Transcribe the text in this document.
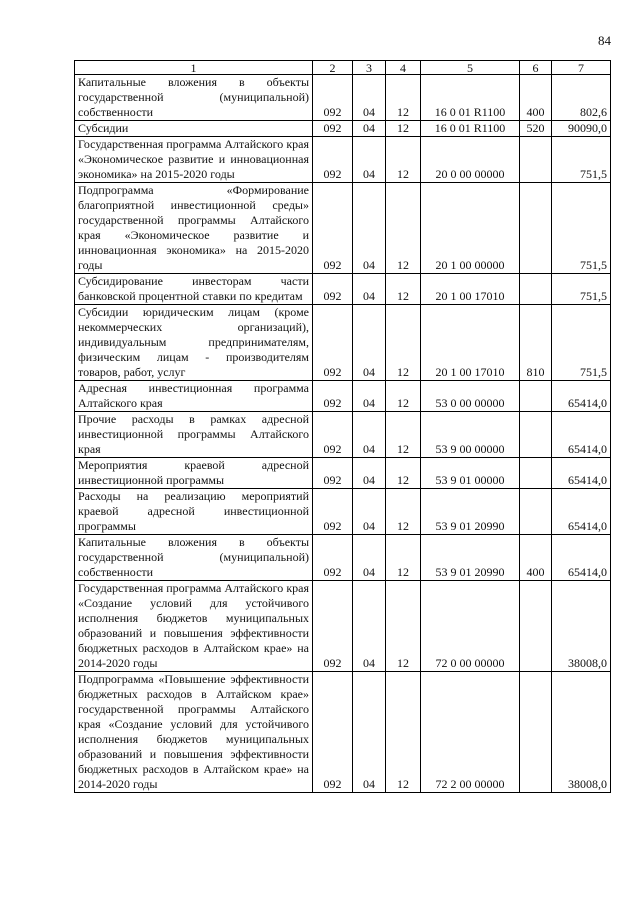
84
1	2	3	4	5	6	7
Капитальные вложения в объекты государственной (муниципальной) собственности	092	04	12	16 0 01 R1100	400	802,6
Субсидии	092	04	12	16 0 01 R1100	520	90090,0
Государственная программа Алтайского края «Экономическое развитие и инновационная экономика» на 2015-2020 годы	092	04	12	20 0 00 00000		751,5
Подпрограмма «Формирование благоприятной инвестиционной среды» государственной программы Алтайского края «Экономическое развитие и инновационная экономика» на 2015-2020 годы	092	04	12	20 1 00 00000		751,5
Субсидирование инвесторам части банковской процентной ставки по кредитам	092	04	12	20 1 00 17010		751,5
Субсидии юридическим лицам (кроме некоммерческих организаций), индивидуальным предпринимателям, физическим лицам - производителям товаров, работ, услуг	092	04	12	20 1 00 17010	810	751,5
Адресная инвестиционная программа Алтайского края	092	04	12	53 0 00 00000		65414,0
Прочие расходы в рамках адресной инвестиционной программы Алтайского края	092	04	12	53 9 00 00000		65414,0
Мероприятия краевой адресной инвестиционной программы	092	04	12	53 9 01 00000		65414,0
Расходы на реализацию мероприятий краевой адресной инвестиционной программы	092	04	12	53 9 01 20990		65414,0
Капитальные вложения в объекты государственной (муниципальной) собственности	092	04	12	53 9 01 20990	400	65414,0
Государственная программа Алтайского края «Создание условий для устойчивого исполнения бюджетов муниципальных образований и повышения эффективности бюджетных расходов в Алтайском крае» на 2014-2020 годы	092	04	12	72 0 00 00000		38008,0
Подпрограмма «Повышение эффективности бюджетных расходов в Алтайском крае» государственной программы Алтайского края «Создание условий для устойчивого исполнения бюджетов муниципальных образований и повышения эффективности бюджетных расходов в Алтайском крае» на 2014-2020 годы	092	04	12	72 2 00 00000		38008,0
